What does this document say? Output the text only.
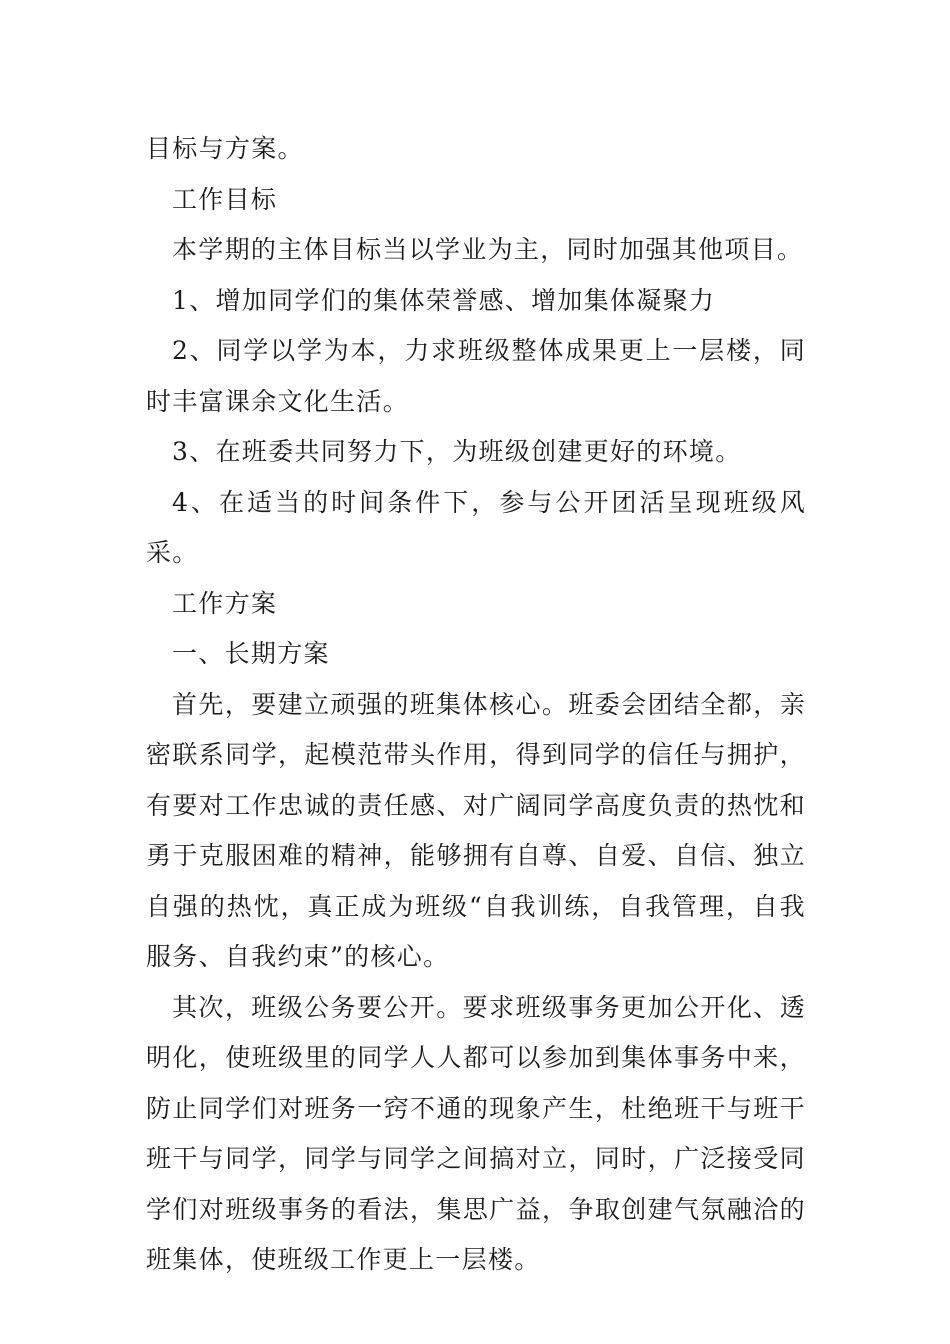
目标与方案。

工作目标

本学期的主体目标当以学业为主，同时加强其他项目。

1、增加同学们的集体荣誉感、增加集体凝聚力

2、同学以学为本，力求班级整体成果更上一层楼，同时丰富课余文化生活。

3、在班委共同努力下，为班级创建更好的环境。

4、在适当的时间条件下，参与公开团活呈现班级风采。

工作方案

一、长期方案

首先，要建立顽强的班集体核心。班委会团结全都，亲密联系同学，起模范带头作用，得到同学的信任与拥护，有要对工作忠诚的责任感、对广阔同学高度负责的热忱和勇于克服困难的精神，能够拥有自尊、自爱、自信、独立自强的热忱，真正成为班级“自我训练，自我管理，自我服务、自我约束”的核心。

其次，班级公务要公开。要求班级事务更加公开化、透明化，使班级里的同学人人都可以参加到集体事务中来，防止同学们对班务一窍不通的现象产生，杜绝班干与班干班干与同学，同学与同学之间搞对立，同时，广泛接受同学们对班级事务的看法，集思广益，争取创建气氛融洽的班集体，使班级工作更上一层楼。
